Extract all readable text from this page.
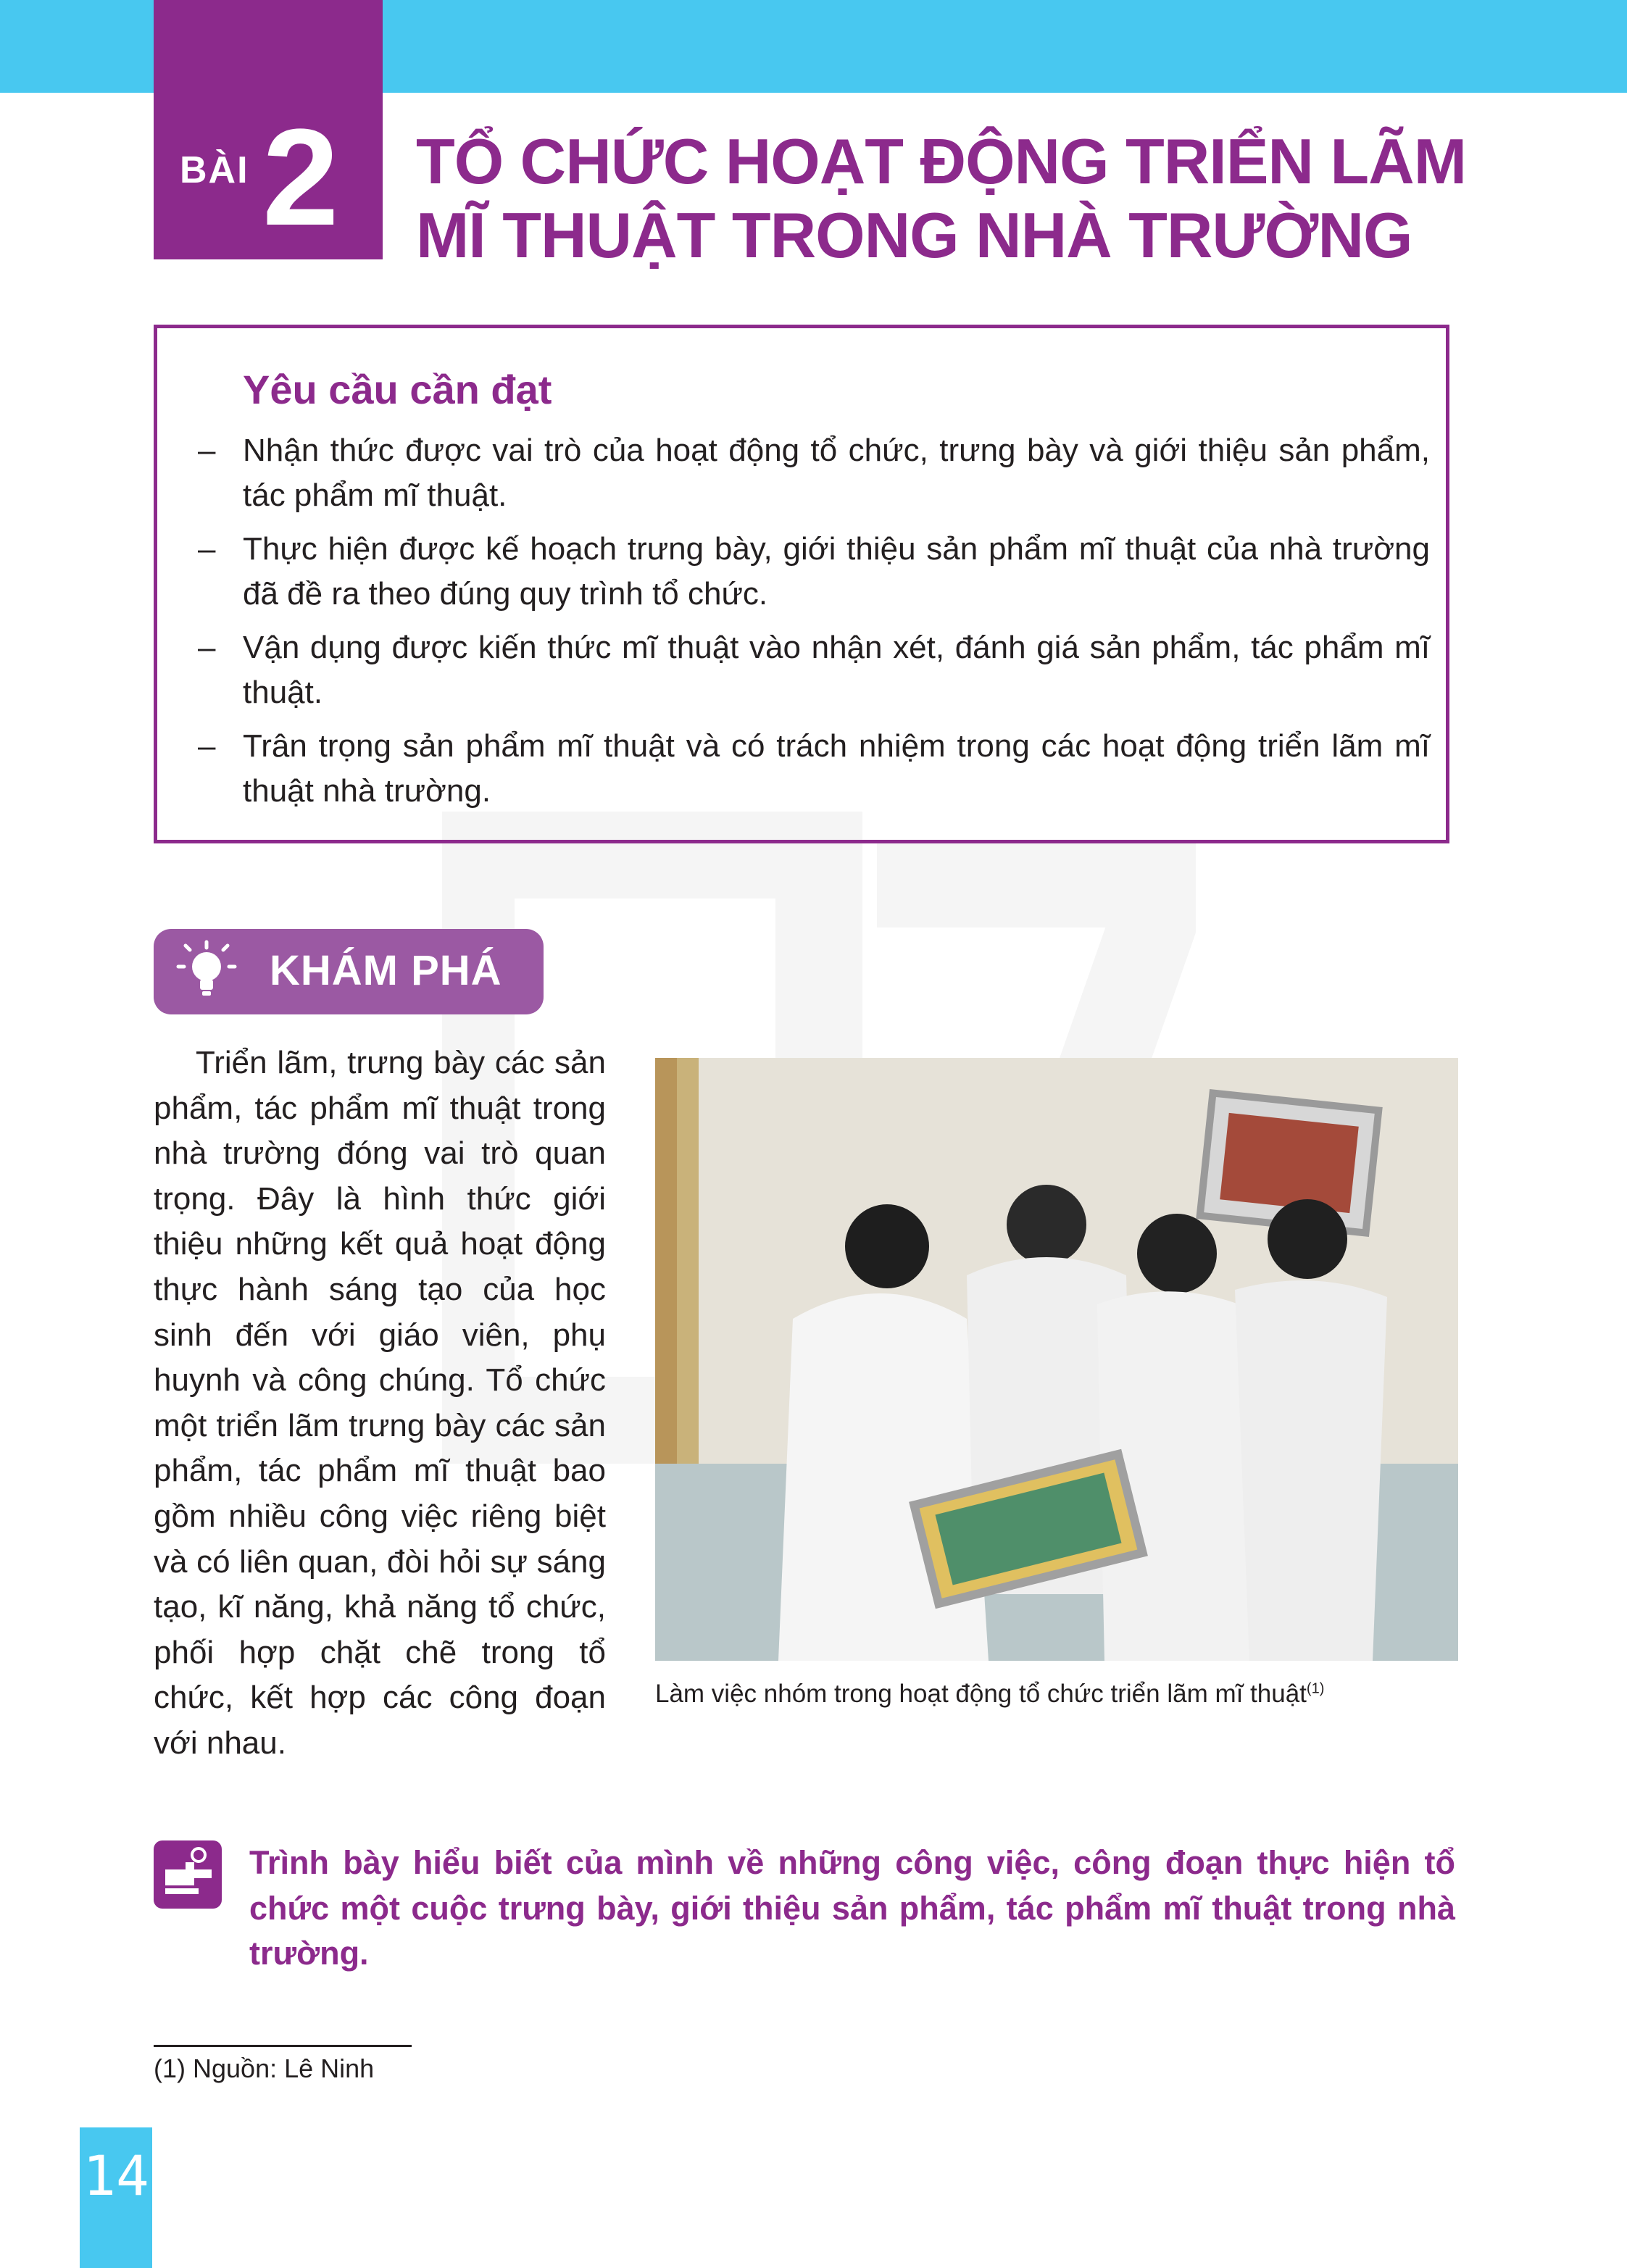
BÀI 2 TỔ CHỨC HOẠT ĐỘNG TRIỂN LÃM
MĨ THUẬT TRONG NHÀ TRƯỜNG
Yêu cầu cần đạt
– Nhận thức được vai trò của hoạt động tổ chức, trưng bày và giới thiệu sản phẩm, tác phẩm mĩ thuật.
– Thực hiện được kế hoạch trưng bày, giới thiệu sản phẩm mĩ thuật của nhà trường đã đề ra theo đúng quy trình tổ chức.
– Vận dụng được kiến thức mĩ thuật vào nhận xét, đánh giá sản phẩm, tác phẩm mĩ thuật.
– Trân trọng sản phẩm mĩ thuật và có trách nhiệm trong các hoạt động triển lãm mĩ thuật nhà trường.
KHÁM PHÁ

Triển lãm, trưng bày các sản phẩm, tác phẩm mĩ thuật trong nhà trường đóng vai trò quan trọng. Đây là hình thức giới thiệu những kết quả hoạt động thực hành sáng tạo của học sinh đến với giáo viên, phụ huynh và công chúng. Tổ chức một triển lãm trưng bày các sản phẩm, tác phẩm mĩ thuật bao gồm nhiều công việc riêng biệt và có liên quan, đòi hỏi sự sáng tạo, kĩ năng, khả năng tổ chức, phối hợp chặt chẽ trong tổ chức, kết hợp các công đoạn với nhau.

Làm việc nhóm trong hoạt động tổ chức triển lãm mĩ thuật$^{(1)}$
Trình bày hiểu biết của mình về những công việc, công đoạn thực hiện tổ chức một cuộc trưng bày, giới thiệu sản phẩm, tác phẩm mĩ thuật trong nhà trường.
(1) Nguồn: Lê Ninh
14
